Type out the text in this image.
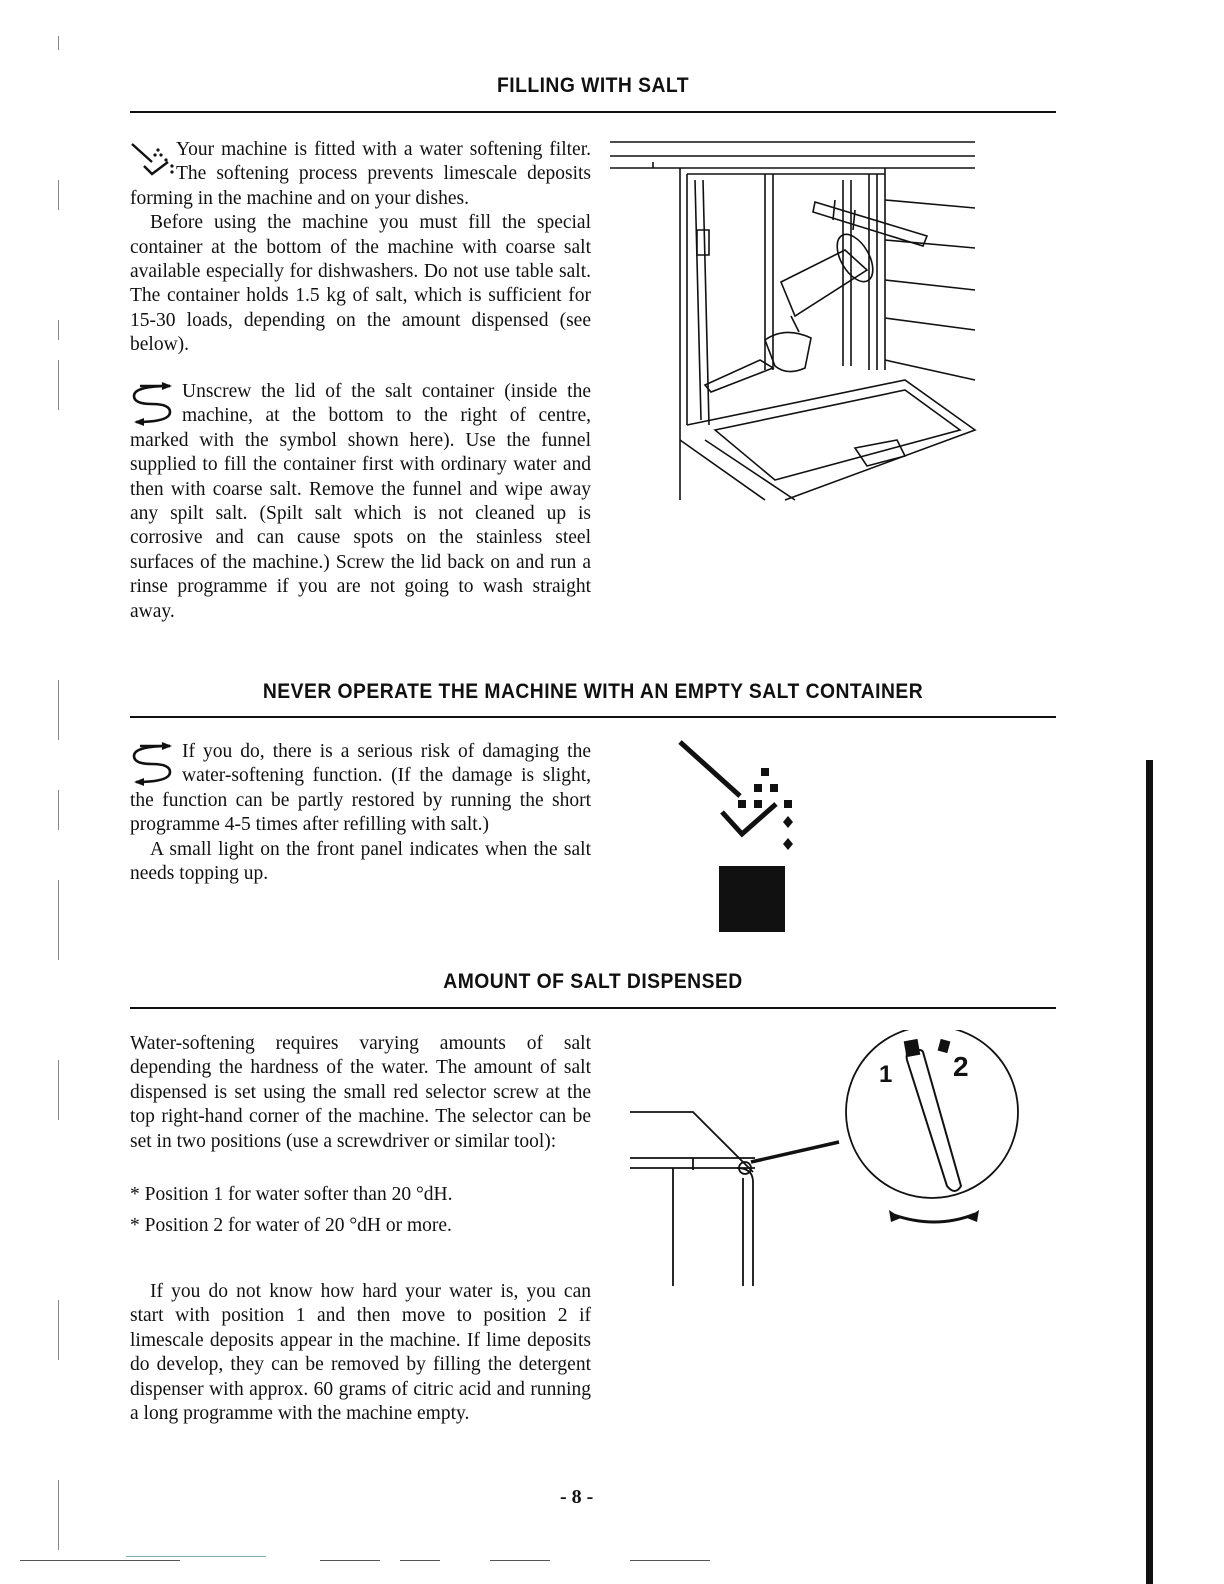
FILLING WITH SALT

Your machine is fitted with a water softening filter. The softening process prevents limescale deposits forming in the machine and on your dishes.

Before using the machine you must fill the special container at the bottom of the machine with coarse salt available especially for dishwashers. Do not use table salt. The container holds 1.5 kg of salt, which is sufficient for 15-30 loads, depending on the amount dispensed (see below).

Unscrew the lid of the salt container (inside the machine, at the bottom to the right of centre, marked with the symbol shown here). Use the funnel supplied to fill the container first with ordinary water and then with coarse salt. Remove the funnel and wipe away any spilt salt. (Spilt salt which is not cleaned up is corrosive and can cause spots on the stainless steel surfaces of the machine.) Screw the lid back on and run a rinse programme if you are not going to wash straight away.

NEVER OPERATE THE MACHINE WITH AN EMPTY SALT CONTAINER

If you do, there is a serious risk of damaging the water-softening function. (If the damage is slight, the function can be partly restored by running the short programme 4-5 times after refilling with salt.)

A small light on the front panel indicates when the salt needs topping up.

AMOUNT OF SALT DISPENSED

Water-softening requires varying amounts of salt depending the hardness of the water. The amount of salt dispensed is set using the small red selector screw at the top right-hand corner of the machine. The selector can be set in two positions (use a screwdriver or similar tool):

* Position 1 for water softer than 20 °dH.
* Position 2 for water of 20 °dH or more.

If you do not know how hard your water is, you can start with position 1 and then move to position 2 if limescale deposits appear in the machine. If lime deposits do develop, they can be removed by filling the detergent dispenser with approx. 60 grams of citric acid and running a long programme with the machine empty.

1 2
- 8 -
